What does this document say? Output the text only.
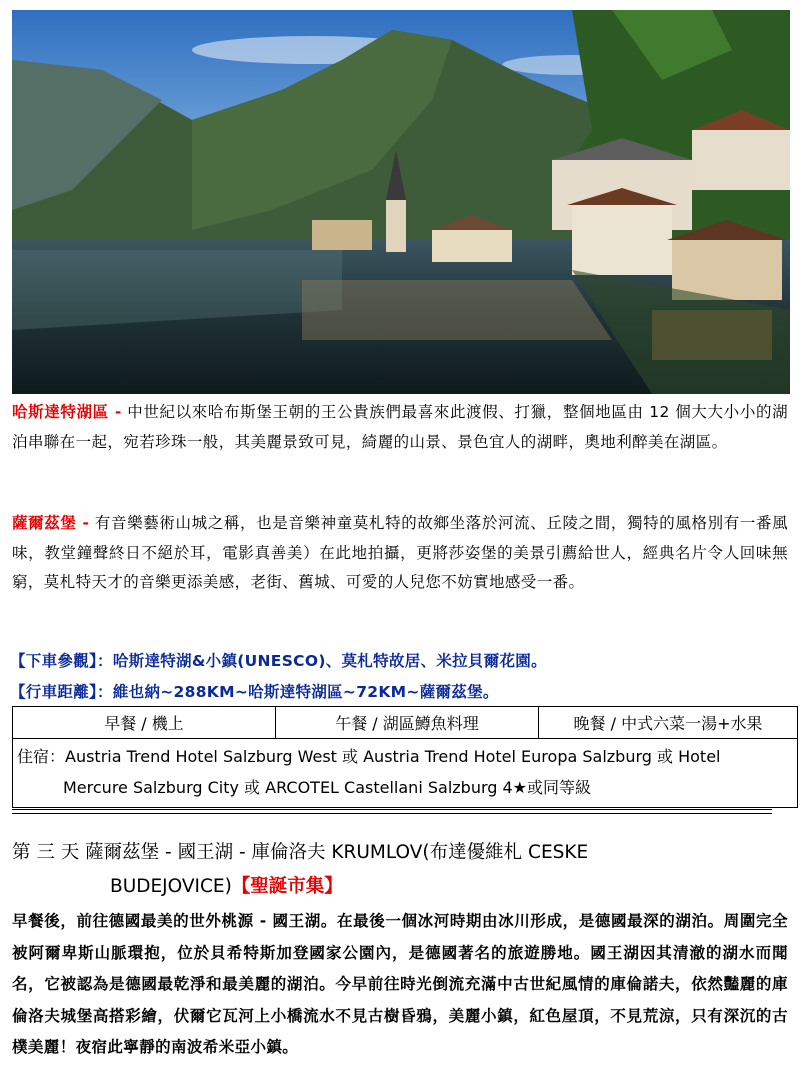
哈斯達特湖區 - 中世紀以來哈布斯堡王朝的王公貴族們最喜來此渡假、打獵，整個地區由 12 個大大小小的湖泊串聯在一起，宛若珍珠一般，其美麗景致可見，綺麗的山景、景色宜人的湖畔，奧地利醉美在湖區。
薩爾茲堡 - 有音樂藝術山城之稱，也是音樂神童莫札特的故鄉坐落於河流、丘陵之間，獨特的風格別有一番風味，教堂鐘聲終日不絕於耳，電影真善美）在此地拍攝，更將莎姿堡的美景引薦給世人，經典名片令人回味無窮，莫札特天才的音樂更添美感，老街、舊城、可愛的人兒您不妨實地感受一番。
【下車參觀】：哈斯達特湖&小鎮(UNESCO)、莫札特故居、米拉貝爾花園。
【行車距離】：維也納~288KM~哈斯達特湖區~72KM~薩爾茲堡。
早餐 / 機上	午餐 / 湖區鱒魚料理	晚餐 / 中式六菜一湯+水果

住宿：Austria Trend Hotel Salzburg West 或 Austria Trend Hotel Europa Salzburg 或 Hotel
Mercure Salzburg City 或 ARCOTEL Castellani Salzburg 4★或同等級
第 三 天 薩爾茲堡 - 國王湖 - 庫倫洛夫 KRUMLOV(布達優維札 CESKE
BUDEJOVICE)【聖誕市集】
早餐後，前往德國最美的世外桃源 - 國王湖。在最後一個冰河時期由冰川形成，是德國最深的湖泊。周圍完全被阿爾卑斯山脈環抱，位於貝希特斯加登國家公園內，是德國著名的旅遊勝地。國王湖因其清澈的湖水而聞名，它被認為是德國最乾淨和最美麗的湖泊。今早前往時光倒流充滿中古世紀風情的庫倫諾夫，依然豔麗的庫倫洛夫城堡高搭彩繪，伏爾它瓦河上小橋流水不見古樹昏鴉，美麗小鎮，紅色屋頂，不見荒涼，只有深沉的古樸美麗！夜宿此寧靜的南波希米亞小鎮。
